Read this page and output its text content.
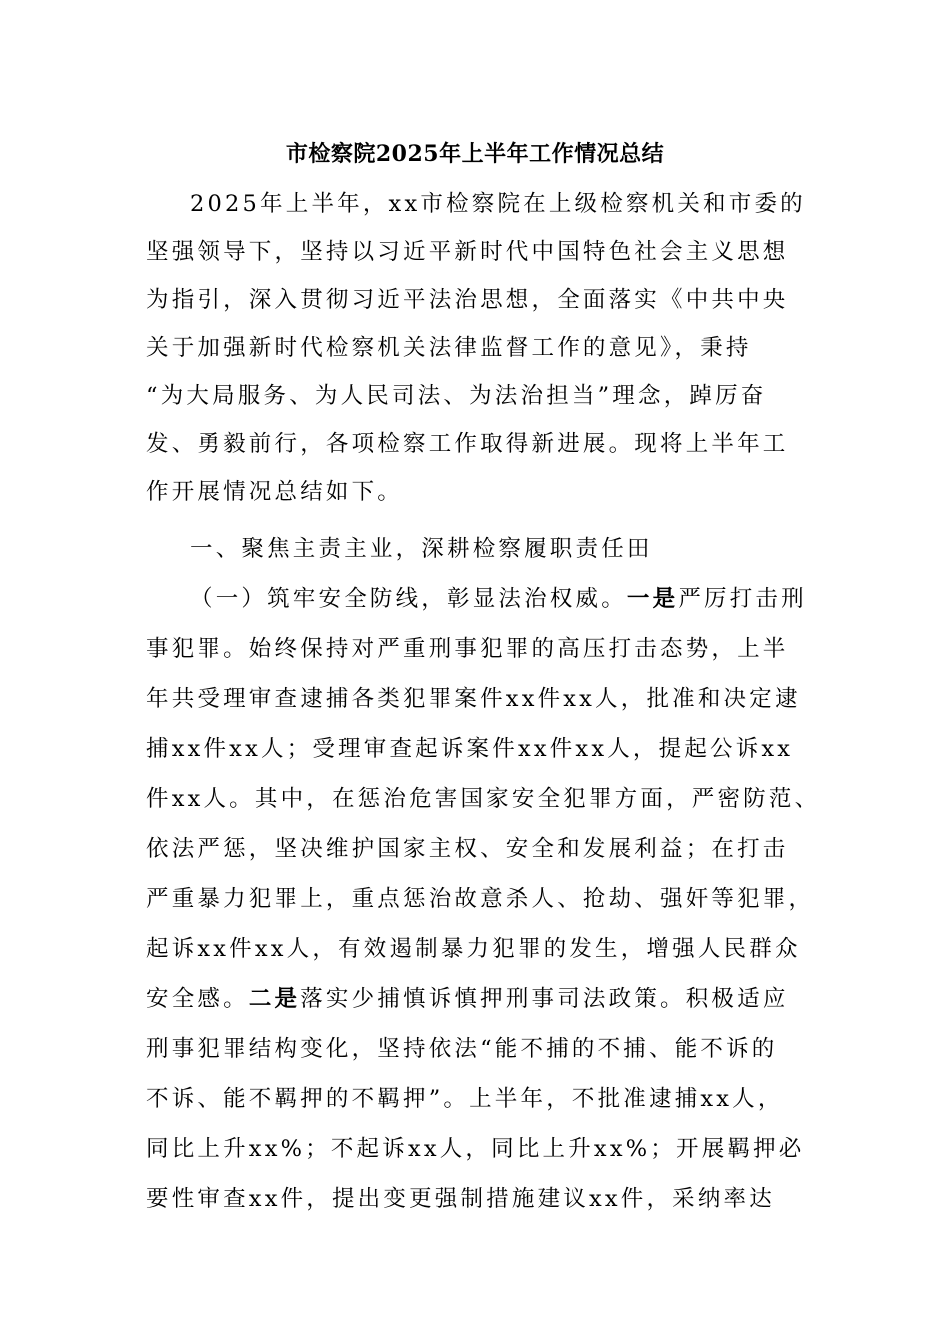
市检察院2025年上半年工作情况总结
2025年上半年，xx市检察院在上级检察机关和市委的
坚强领导下，坚持以习近平新时代中国特色社会主义思想
为指引，深入贯彻习近平法治思想，全面落实《中共中央
关于加强新时代检察机关法律监督工作的意见》，秉持
“为大局服务、为人民司法、为法治担当”理念，踔厉奋
发、勇毅前行，各项检察工作取得新进展。现将上半年工
作开展情况总结如下。
一、聚焦主责主业，深耕检察履职责任田
（一）筑牢安全防线，彰显法治权威。一是严厉打击刑
事犯罪。始终保持对严重刑事犯罪的高压打击态势，上半
年共受理审查逮捕各类犯罪案件xx件xx人，批准和决定逮
捕xx件xx人；受理审查起诉案件xx件xx人，提起公诉xx
件xx人。其中，在惩治危害国家安全犯罪方面，严密防范、
依法严惩，坚决维护国家主权、安全和发展利益；在打击
严重暴力犯罪上，重点惩治故意杀人、抢劫、强奸等犯罪，
起诉xx件xx人，有效遏制暴力犯罪的发生，增强人民群众
安全感。二是落实少捕慎诉慎押刑事司法政策。积极适应
刑事犯罪结构变化，坚持依法“能不捕的不捕、能不诉的
不诉、能不羁押的不羁押”。上半年，不批准逮捕xx人，
同比上升xx%；不起诉xx人，同比上升xx%；开展羁押必
要性审查xx件，提出变更强制措施建议xx件，采纳率达
